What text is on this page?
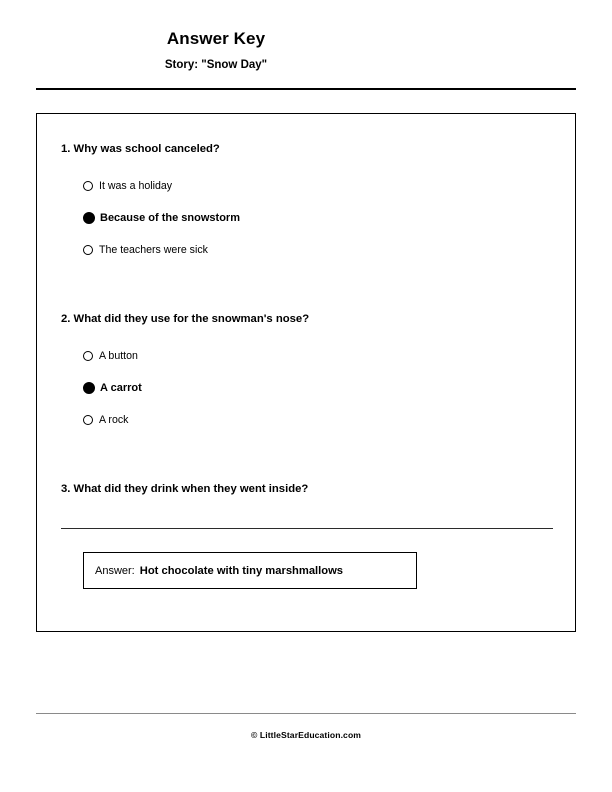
Answer Key
Story: "Snow Day"
1. Why was school canceled?
It was a holiday
Because of the snowstorm
The teachers were sick
2. What did they use for the snowman's nose?
A button
A carrot
A rock
3. What did they drink when they went inside?
Answer: Hot chocolate with tiny marshmallows
© LittleStarEducation.com
